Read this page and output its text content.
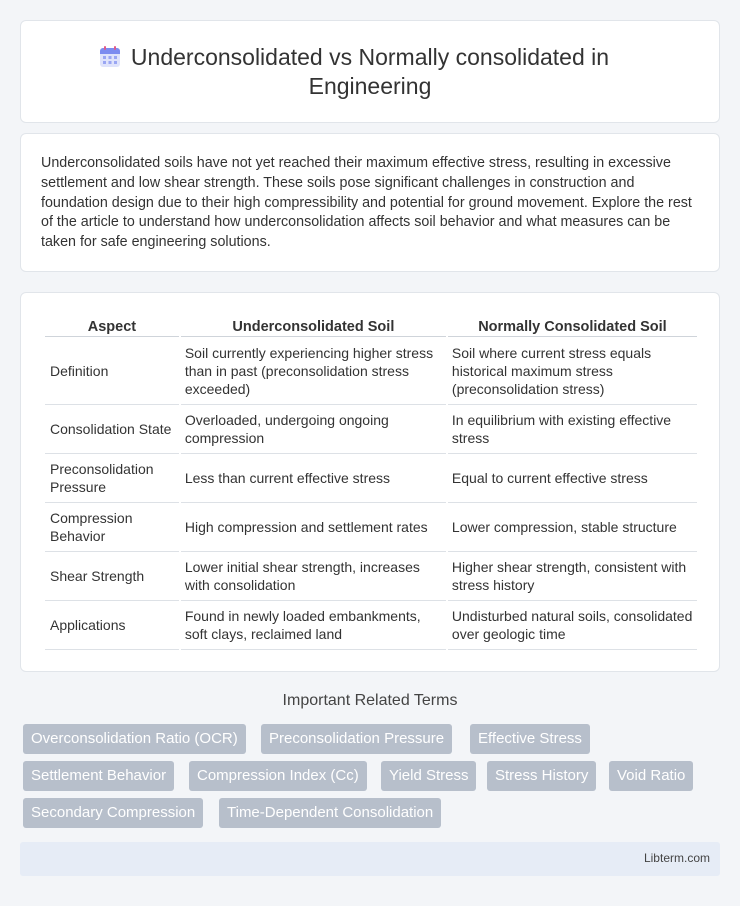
Underconsolidated vs Normally consolidated in Engineering

Underconsolidated soils have not yet reached their maximum effective stress, resulting in excessive settlement and low shear strength. These soils pose significant challenges in construction and foundation design due to their high compressibility and potential for ground movement. Explore the rest of the article to understand how underconsolidation affects soil behavior and what measures can be taken for safe engineering solutions.

Aspect	Underconsolidated Soil	Normally Consolidated Soil
Definition	Soil currently experiencing higher stress than in past (preconsolidation stress exceeded)	Soil where current stress equals historical maximum stress (preconsolidation stress)
Consolidation State	Overloaded, undergoing ongoing compression	In equilibrium with existing effective stress
Preconsolidation Pressure	Less than current effective stress	Equal to current effective stress
Compression Behavior	High compression and settlement rates	Lower compression, stable structure
Shear Strength	Lower initial shear strength, increases with consolidation	Higher shear strength, consistent with stress history
Applications	Found in newly loaded embankments, soft clays, reclaimed land	Undisturbed natural soils, consolidated over geologic time
Important Related Terms
Overconsolidation Ratio (OCR)	Preconsolidation Pressure	Effective Stress
Settlement Behavior	Compression Index (Cc)	Yield Stress	Stress History	Void Ratio
Secondary Compression	Time-Dependent Consolidation
Libterm.com
